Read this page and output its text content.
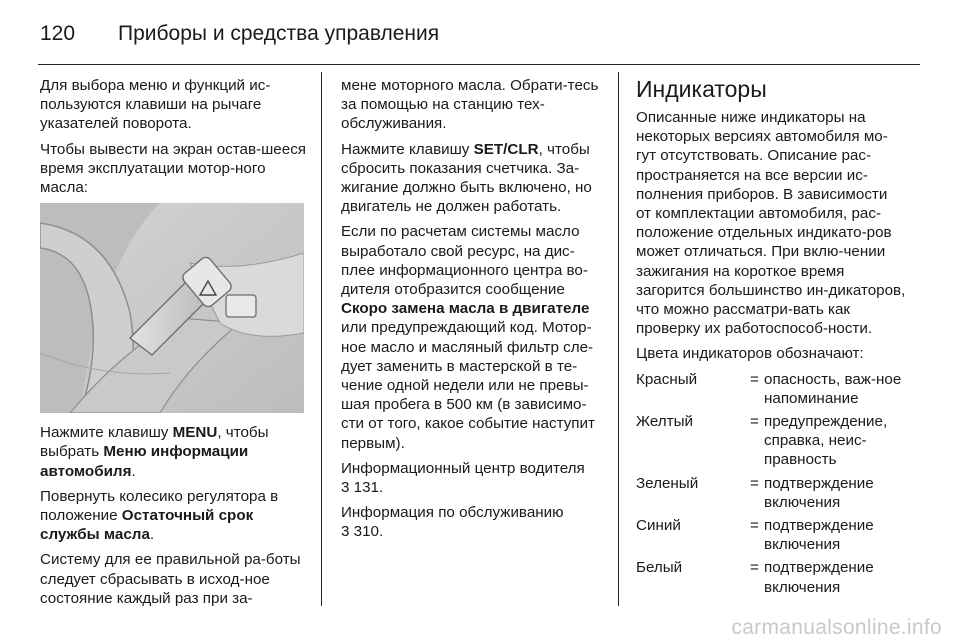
120	Приборы и средства управления

Для выбора меню и функций ис-пользуются клавиши на рычаге указателей поворота.

Чтобы вывести на экран остав-шееся время эксплуатации мотор-ного масла:

Нажмите клавишу MENU, чтобы выбрать Меню информации автомобиля.

Повернуть колесико регулятора в положение Остаточный срок службы масла.

Систему для ее правильной ра-боты следует сбрасывать в исход-ное состояние каждый раз при за-

мене моторного масла. Обрати-тесь за помощью на станцию тех-обслуживания.

Нажмите клавишу SET/CLR, чтобы сбросить показания счетчика. За-жигание должно быть включено, но двигатель не должен работать.

Если по расчетам системы масло выработало свой ресурс, на дис-плее информационного центра во-дителя отобразится сообщение Скоро замена масла в двигателе или предупреждающий код. Мотор-ное масло и масляный фильтр сле-дует заменить в мастерской в те-чение одной недели или не превы-шая пробега в 500 км (в зависимо-сти от того, какое событие наступит первым).

Информационный центр водителя
3 131.

Информация по обслуживанию
3 310.

Индикаторы

Описанные ниже индикаторы на некоторых версиях автомобиля мо-гут отсутствовать. Описание рас-пространяется на все версии ис-полнения приборов. В зависимости от комплектации автомобиля, рас-положение отдельных индикато-ров может отличаться. При вклю-чении зажигания на короткое время загорится большинство ин-дикаторов, что можно рассматри-вать как проверку их работоспособ-ности.

Цвета индикаторов обозначают:

Красный	= опасность, важ-ное напоминание
Желтый	= предупреждение, справка, неис-правность
Зеленый	= подтверждение включения
Синий	= подтверждение включения
Белый	= подтверждение включения
carmanualsonline.info
